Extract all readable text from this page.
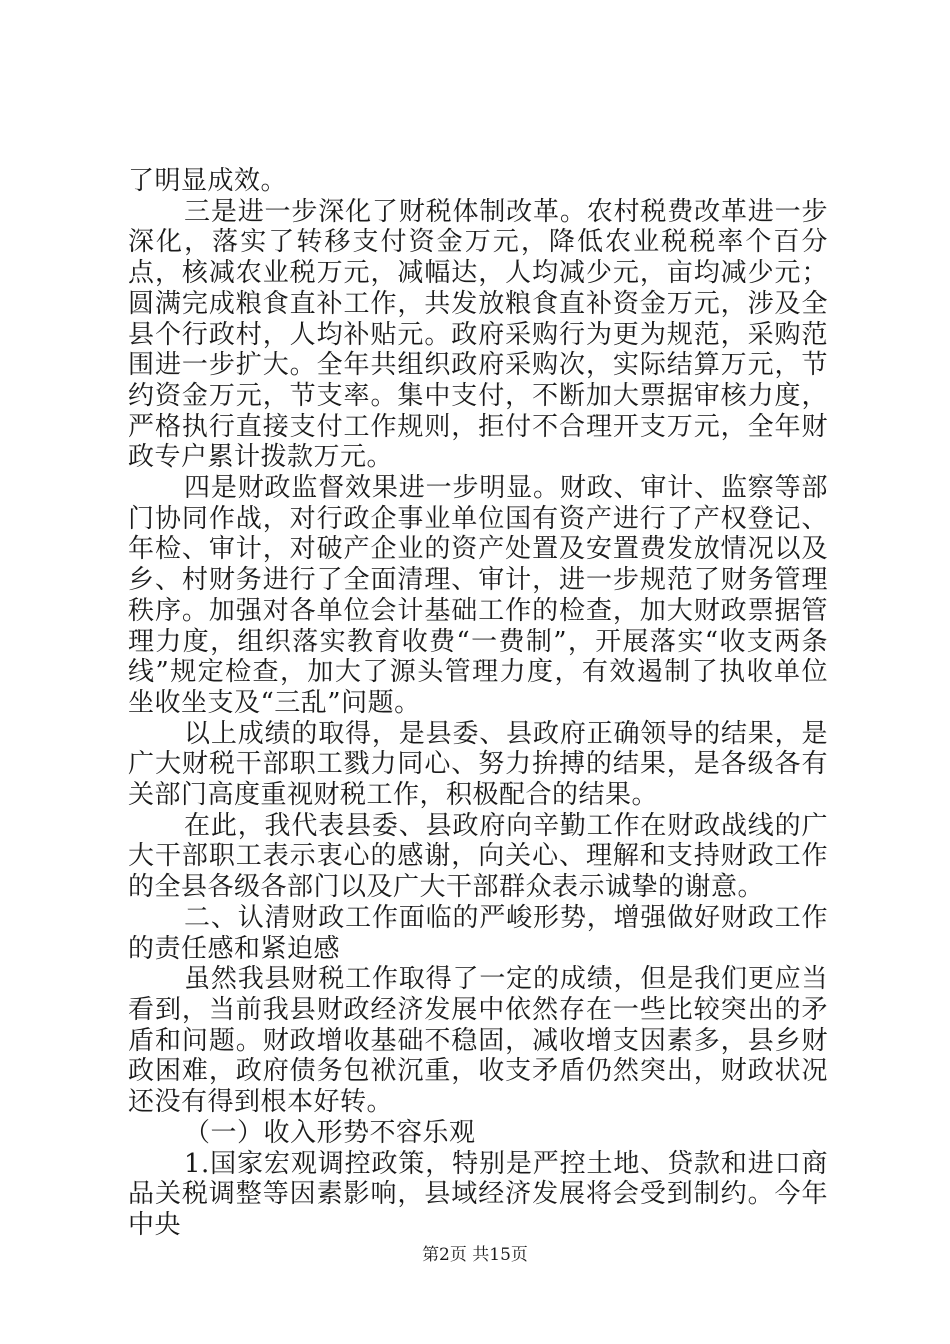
了明显成效。

三是进一步深化了财税体制改革。农村税费改革进一步深化，落实了转移支付资金万元，降低农业税税率个百分点，核减农业税万元，减幅达，人均减少元，亩均减少元；圆满完成粮食直补工作，共发放粮食直补资金万元，涉及全县个行政村，人均补贴元。政府采购行为更为规范，采购范围进一步扩大。全年共组织政府采购次，实际结算万元，节约资金万元，节支率。集中支付，不断加大票据审核力度，严格执行直接支付工作规则，拒付不合理开支万元，全年财政专户累计拨款万元。

四是财政监督效果进一步明显。财政、审计、监察等部门协同作战，对行政企事业单位国有资产进行了产权登记、年检、审计，对破产企业的资产处置及安置费发放情况以及乡、村财务进行了全面清理、审计，进一步规范了财务管理秩序。加强对各单位会计基础工作的检查，加大财政票据管理力度，组织落实教育收费“一费制”，开展落实“收支两条线”规定检查，加大了源头管理力度，有效遏制了执收单位坐收坐支及“三乱”问题。

以上成绩的取得，是县委、县政府正确领导的结果，是广大财税干部职工戮力同心、努力拚搏的结果，是各级各有关部门高度重视财税工作，积极配合的结果。

在此，我代表县委、县政府向辛勤工作在财政战线的广大干部职工表示衷心的感谢，向关心、理解和支持财政工作的全县各级各部门以及广大干部群众表示诚挚的谢意。

二、认清财政工作面临的严峻形势，增强做好财政工作的责任感和紧迫感

虽然我县财税工作取得了一定的成绩，但是我们更应当看到，当前我县财政经济发展中依然存在一些比较突出的矛盾和问题。财政增收基础不稳固，减收增支因素多，县乡财政困难，政府债务包袱沉重，收支矛盾仍然突出，财政状况还没有得到根本好转。

（一）收入形势不容乐观

1.国家宏观调控政策，特别是严控土地、贷款和进口商品关税调整等因素影响，县域经济发展将会受到制约。今年中央

第2页 共15页
